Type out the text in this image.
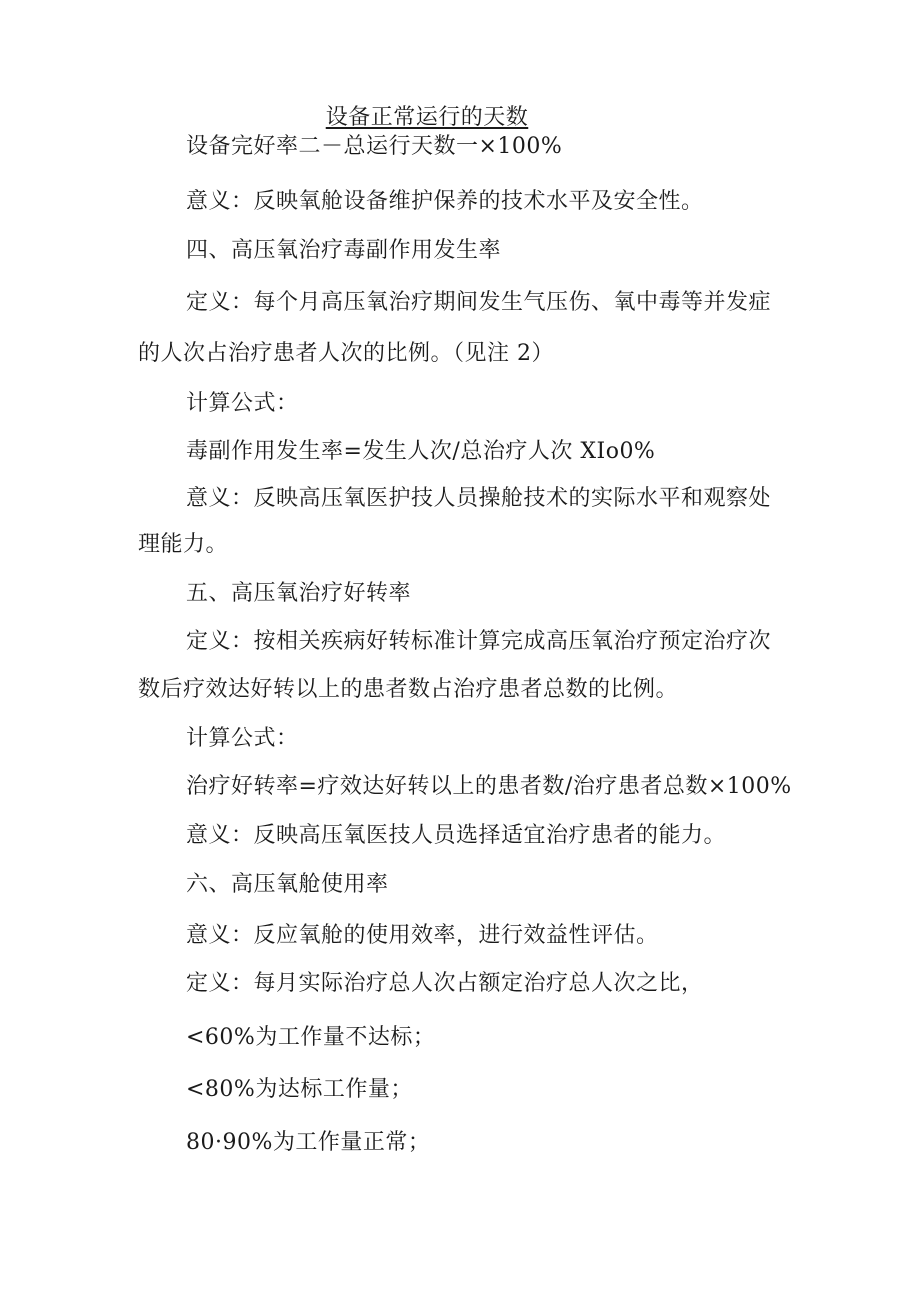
设备正常运行的天数
设备完好率二－总运行天数一×100%
意义：反映氧舱设备维护保养的技术水平及安全性。
四、高压氧治疗毒副作用发生率
定义：每个月高压氧治疗期间发生气压伤、氧中毒等并发症
的人次占治疗患者人次的比例。（见注 2）
计算公式：
毒副作用发生率=发生人次/总治疗人次 XIo0%
意义：反映高压氧医护技人员操舱技术的实际水平和观察处
理能力。
五、高压氧治疗好转率
定义：按相关疾病好转标准计算完成高压氧治疗预定治疗次
数后疗效达好转以上的患者数占治疗患者总数的比例。
计算公式：
治疗好转率=疗效达好转以上的患者数/治疗患者总数×100%
意义：反映高压氧医技人员选择适宜治疗患者的能力。
六、高压氧舱使用率
意义：反应氧舱的使用效率，进行效益性评估。
定义：每月实际治疗总人次占额定治疗总人次之比，
<60%为工作量不达标；
<80%为达标工作量；
80·90%为工作量正常；
